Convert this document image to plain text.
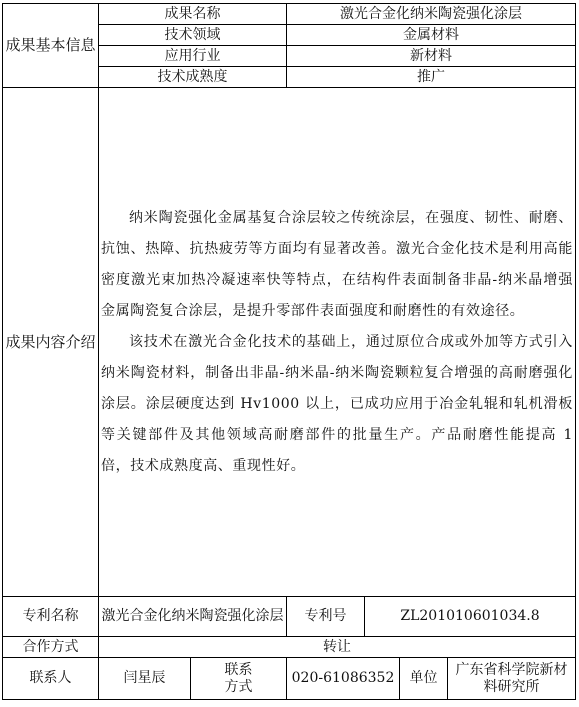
成果基本信息	成果名称		激光合金化纳米陶瓷强化涂层			
	技术领域		金属材料			
	应用行业		新材料			
	技术成熟度		推广			
成果内容介绍	纳米陶瓷强化金属基复合涂层较之传统涂层，在强度、韧性、耐磨、抗蚀、热障、抗热疲劳等方面均有显著改善。激光合金化技术是利用高能密度激光束加热冷凝速率快等特点，在结构件表面制备非晶-纳米晶增强金属陶瓷复合涂层，是提升零部件表面强度和耐磨性的有效途径。

该技术在激光合金化技术的基础上，通过原位合成或外加等方式引入纳米陶瓷材料，制备出非晶-纳米晶-纳米陶瓷颗粒复合增强的高耐磨强化涂层。涂层硬度达到 Hv1000 以上，已成功应用于冶金轧辊和轧机滑板等关键部件及其他领域高耐磨部件的批量生产。产品耐磨性能提高 1 倍，技术成熟度高、重现性好。					

专利名称	激光合金化纳米陶瓷强化涂层		专利号	ZL201010601034.8		
合作方式	转让					
联系人	闫星辰	联系方式	020-61086352		单位	广东省科学院新材料研究所
